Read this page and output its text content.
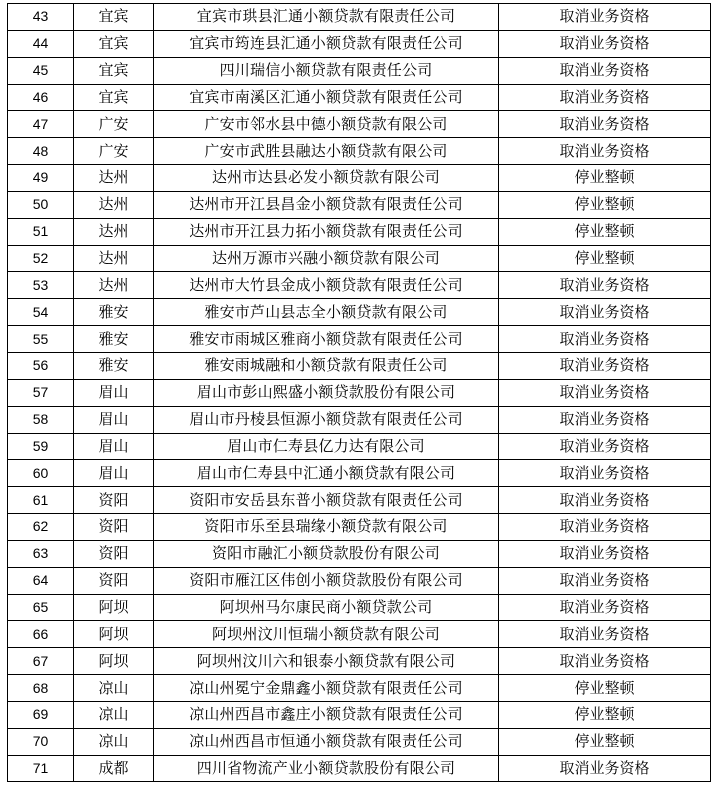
43	宜宾	宜宾市珙县汇通小额贷款有限责任公司	取消业务资格
44	宜宾	宜宾市筠连县汇通小额贷款有限责任公司	取消业务资格
45	宜宾	四川瑞信小额贷款有限责任公司	取消业务资格
46	宜宾	宜宾市南溪区汇通小额贷款有限责任公司	取消业务资格
47	广安	广安市邻水县中德小额贷款有限公司	取消业务资格
48	广安	广安市武胜县融达小额贷款有限公司	取消业务资格
49	达州	达州市达县必发小额贷款有限公司	停业整顿
50	达州	达州市开江县昌金小额贷款有限责任公司	停业整顿
51	达州	达州市开江县力拓小额贷款有限责任公司	停业整顿
52	达州	达州万源市兴融小额贷款有限公司	停业整顿
53	达州	达州市大竹县金成小额贷款有限责任公司	取消业务资格
54	雅安	雅安市芦山县志全小额贷款有限公司	取消业务资格
55	雅安	雅安市雨城区雅商小额贷款有限责任公司	取消业务资格
56	雅安	雅安雨城融和小额贷款有限责任公司	取消业务资格
57	眉山	眉山市彭山熙盛小额贷款股份有限公司	取消业务资格
58	眉山	眉山市丹棱县恒源小额贷款有限责任公司	取消业务资格
59	眉山	眉山市仁寿县亿力达有限公司	取消业务资格
60	眉山	眉山市仁寿县中汇通小额贷款有限公司	取消业务资格
61	资阳	资阳市安岳县东普小额贷款有限责任公司	取消业务资格
62	资阳	资阳市乐至县瑞缘小额贷款有限公司	取消业务资格
63	资阳	资阳市融汇小额贷款股份有限公司	取消业务资格
64	资阳	资阳市雁江区伟创小额贷款股份有限公司	取消业务资格
65	阿坝	阿坝州马尔康民商小额贷款公司	取消业务资格
66	阿坝	阿坝州汶川恒瑞小额贷款有限公司	取消业务资格
67	阿坝	阿坝州汶川六和银泰小额贷款有限公司	取消业务资格
68	凉山	凉山州冕宁金鼎鑫小额贷款有限责任公司	停业整顿
69	凉山	凉山州西昌市鑫庄小额贷款有限责任公司	停业整顿
70	凉山	凉山州西昌市恒通小额贷款有限责任公司	停业整顿
71	成都	四川省物流产业小额贷款股份有限公司	取消业务资格
